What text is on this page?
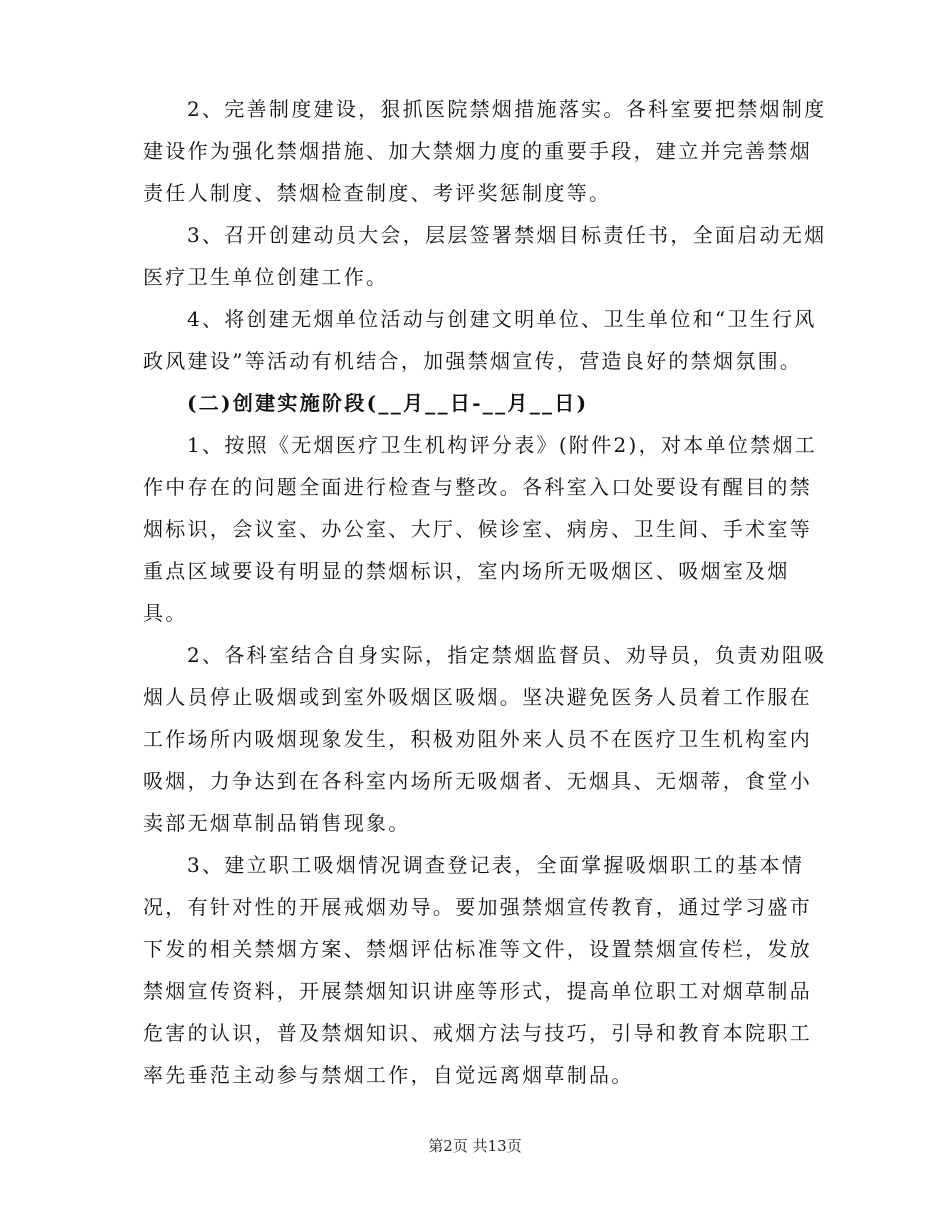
2、完善制度建设，狠抓医院禁烟措施落实。各科室要把禁烟制度
建设作为强化禁烟措施、加大禁烟力度的重要手段，建立并完善禁烟
责任人制度、禁烟检查制度、考评奖惩制度等。
3、召开创建动员大会，层层签署禁烟目标责任书，全面启动无烟
医疗卫生单位创建工作。
4、将创建无烟单位活动与创建文明单位、卫生单位和“卫生行风
政风建设”等活动有机结合，加强禁烟宣传，营造良好的禁烟氛围。
(二)创建实施阶段(__月__日-__月__日)
1、按照《无烟医疗卫生机构评分表》(附件2)，对本单位禁烟工
作中存在的问题全面进行检查与整改。各科室入口处要设有醒目的禁
烟标识，会议室、办公室、大厅、候诊室、病房、卫生间、手术室等
重点区域要设有明显的禁烟标识，室内场所无吸烟区、吸烟室及烟
具。
2、各科室结合自身实际，指定禁烟监督员、劝导员，负责劝阻吸
烟人员停止吸烟或到室外吸烟区吸烟。坚决避免医务人员着工作服在
工作场所内吸烟现象发生，积极劝阻外来人员不在医疗卫生机构室内
吸烟，力争达到在各科室内场所无吸烟者、无烟具、无烟蒂，食堂小
卖部无烟草制品销售现象。
3、建立职工吸烟情况调查登记表，全面掌握吸烟职工的基本情
况，有针对性的开展戒烟劝导。要加强禁烟宣传教育，通过学习盛市
下发的相关禁烟方案、禁烟评估标准等文件，设置禁烟宣传栏，发放
禁烟宣传资料，开展禁烟知识讲座等形式，提高单位职工对烟草制品
危害的认识，普及禁烟知识、戒烟方法与技巧，引导和教育本院职工
率先垂范主动参与禁烟工作，自觉远离烟草制品。
第2页 共13页
